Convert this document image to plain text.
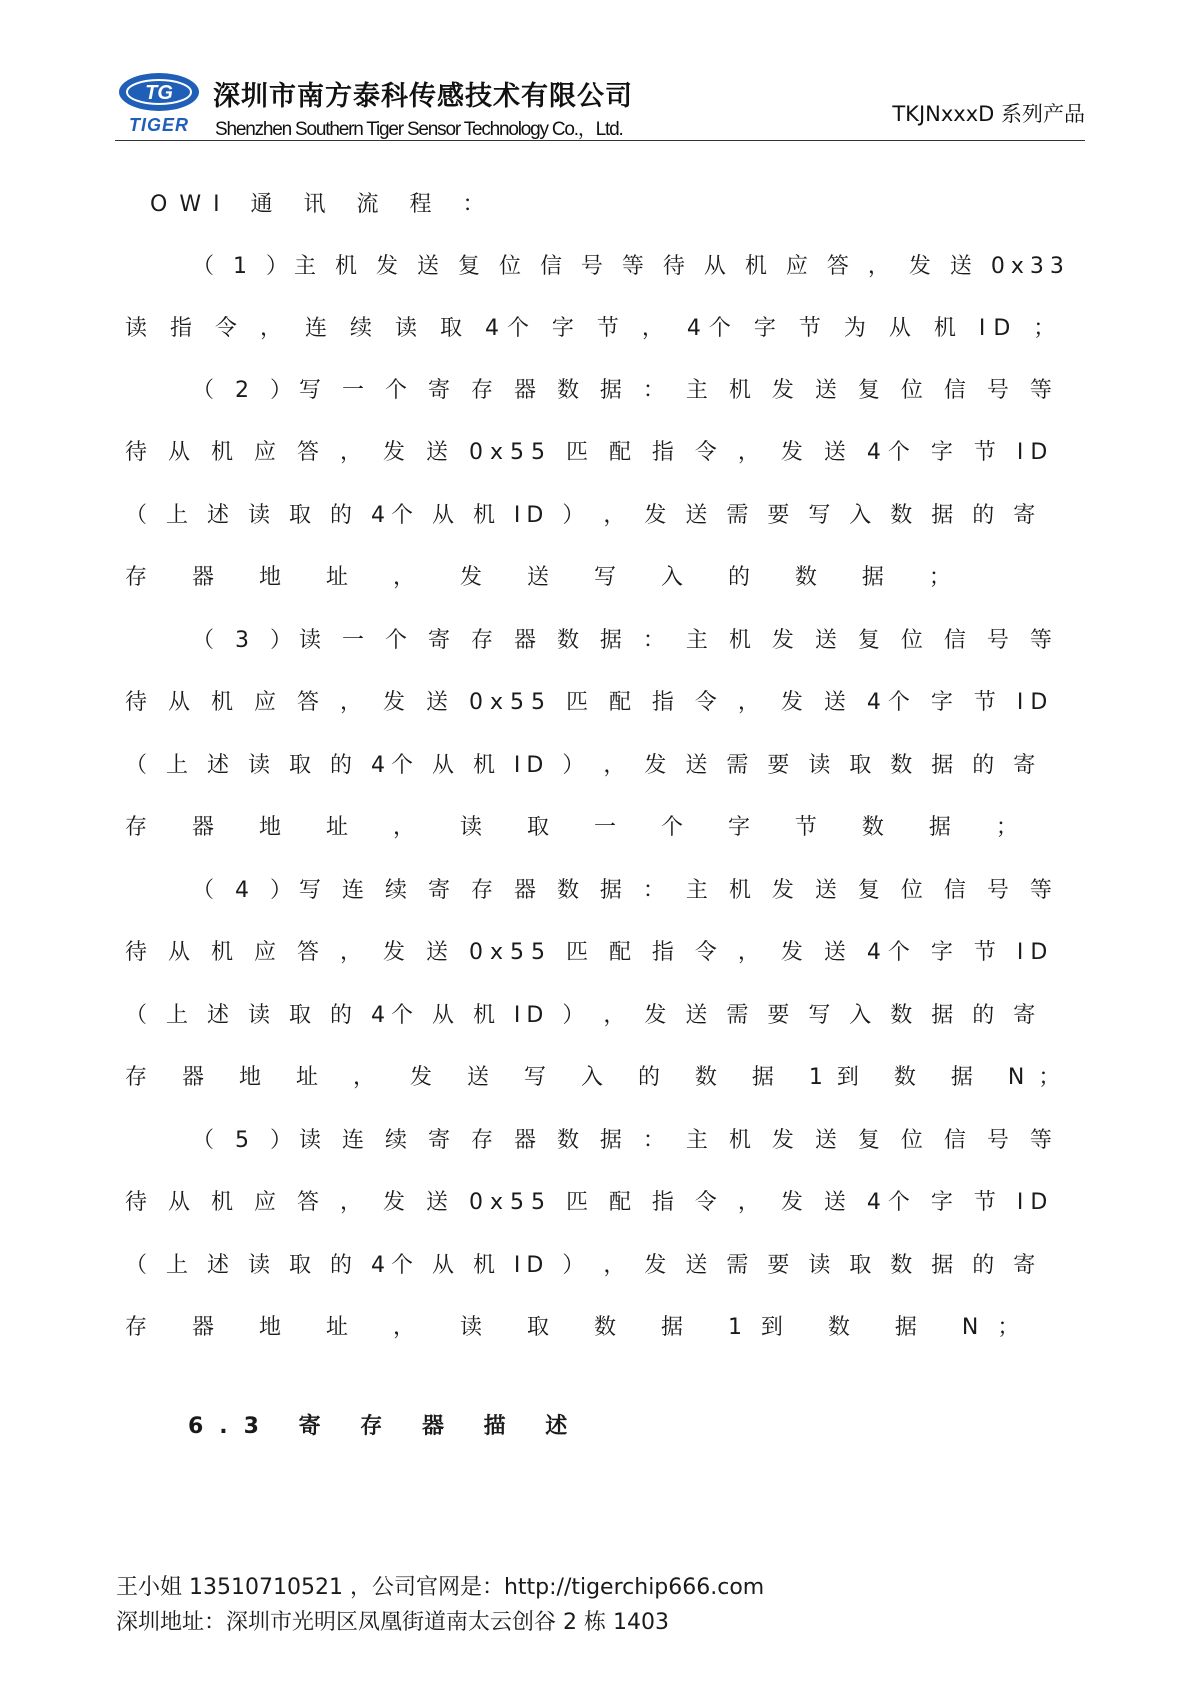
TG
TIGER
深圳市南方泰科传感技术有限公司
Shenzhen Southern Tiger Sensor Technology Co.，Ltd.
TKJNxxxD 系列产品
OWI 通 讯 流 程 ：
（ 1 ）主 机 发 送 复 位 信 号 等 待 从 机 应 答 ， 发 送 0x33
读 指 令 ， 连 续 读 取 4个 字 节 ， 4个 字 节 为 从 机 ID ；
（ 2 ）写 一 个 寄 存 器 数 据 ： 主 机 发 送 复 位 信 号 等
待 从 机 应 答 ， 发 送 0x55 匹 配 指 令 ， 发 送 4个 字 节 ID
（ 上 述 读 取 的 4个 从 机 ID ） ， 发 送 需 要 写 入 数 据 的 寄
存 器 地 址 ， 发 送 写 入 的 数 据 ；
（ 3 ）读 一 个 寄 存 器 数 据 ： 主 机 发 送 复 位 信 号 等
待 从 机 应 答 ， 发 送 0x55 匹 配 指 令 ， 发 送 4个 字 节 ID
（ 上 述 读 取 的 4个 从 机 ID ） ， 发 送 需 要 读 取 数 据 的 寄
存 器 地 址 ， 读 取 一 个 字 节 数 据 ；
（ 4 ）写 连 续 寄 存 器 数 据 ： 主 机 发 送 复 位 信 号 等
待 从 机 应 答 ， 发 送 0x55 匹 配 指 令 ， 发 送 4个 字 节 ID
（ 上 述 读 取 的 4个 从 机 ID ） ， 发 送 需 要 写 入 数 据 的 寄
存 器 地 址 ， 发 送 写 入 的 数 据 1到 数 据 N；
（ 5 ）读 连 续 寄 存 器 数 据 ： 主 机 发 送 复 位 信 号 等
待 从 机 应 答 ， 发 送 0x55 匹 配 指 令 ， 发 送 4个 字 节 ID
（ 上 述 读 取 的 4个 从 机 ID ） ， 发 送 需 要 读 取 数 据 的 寄
存 器 地 址 ， 读 取 数 据 1到 数 据 N；
6.3 寄 存 器 描 述
王小姐 13510710521 ，公司官网是：http://tigerchip666.com
深圳地址：深圳市光明区凤凰街道南太云创谷 2 栋 1403
